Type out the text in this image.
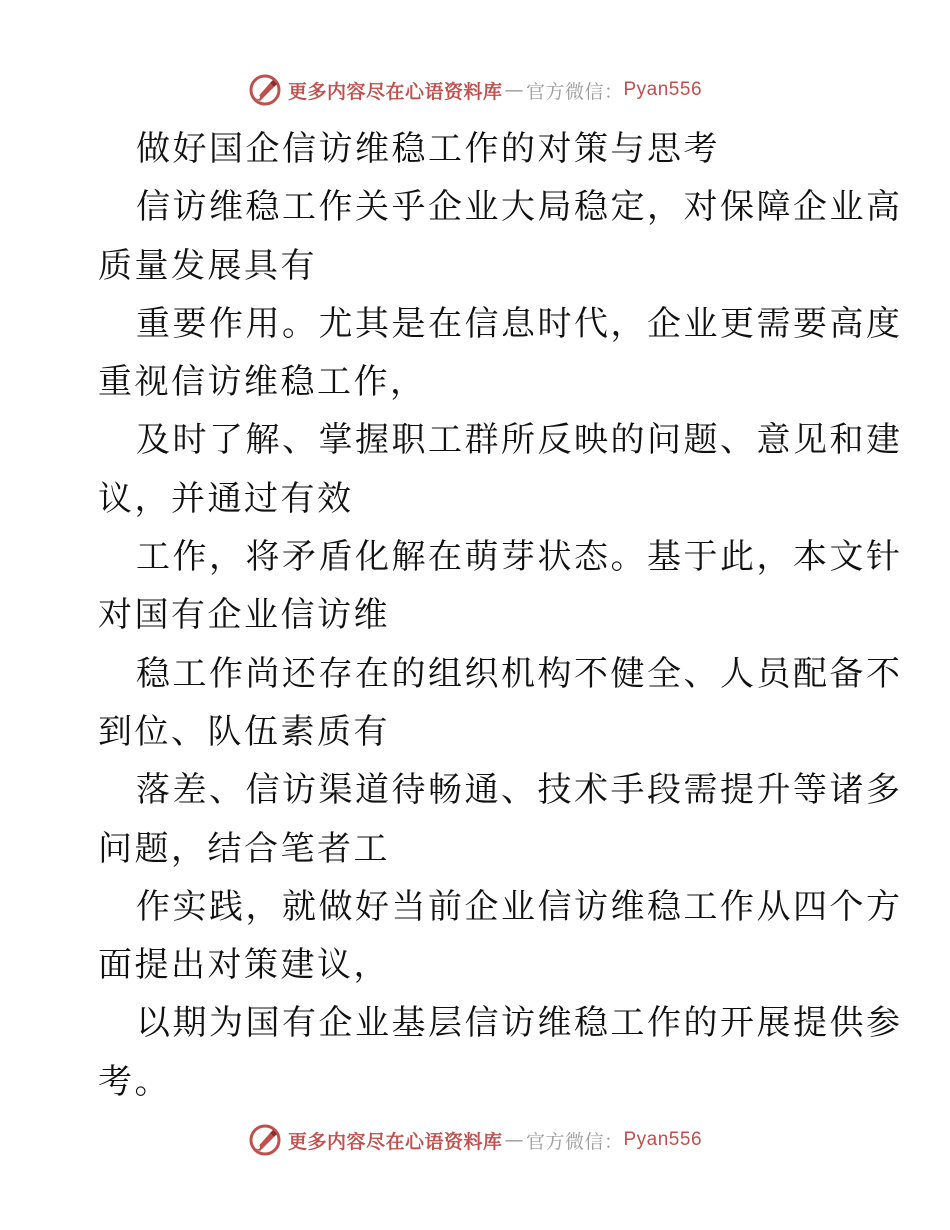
更多内容尽在心语资料库 — 官方微信： Pyan556
做好国企信访维稳工作的对策与思考
信访维稳工作关乎企业大局稳定，对保障企业高
质量发展具有
重要作用。尤其是在信息时代，企业更需要高度
重视信访维稳工作，
及时了解、掌握职工群所反映的问题、意见和建
议，并通过有效
工作，将矛盾化解在萌芽状态。基于此，本文针
对国有企业信访维
稳工作尚还存在的组织机构不健全、人员配备不
到位、队伍素质有
落差、信访渠道待畅通、技术手段需提升等诸多
问题，结合笔者工
作实践，就做好当前企业信访维稳工作从四个方
面提出对策建议，
以期为国有企业基层信访维稳工作的开展提供参
考。
更多内容尽在心语资料库 — 官方微信： Pyan556
